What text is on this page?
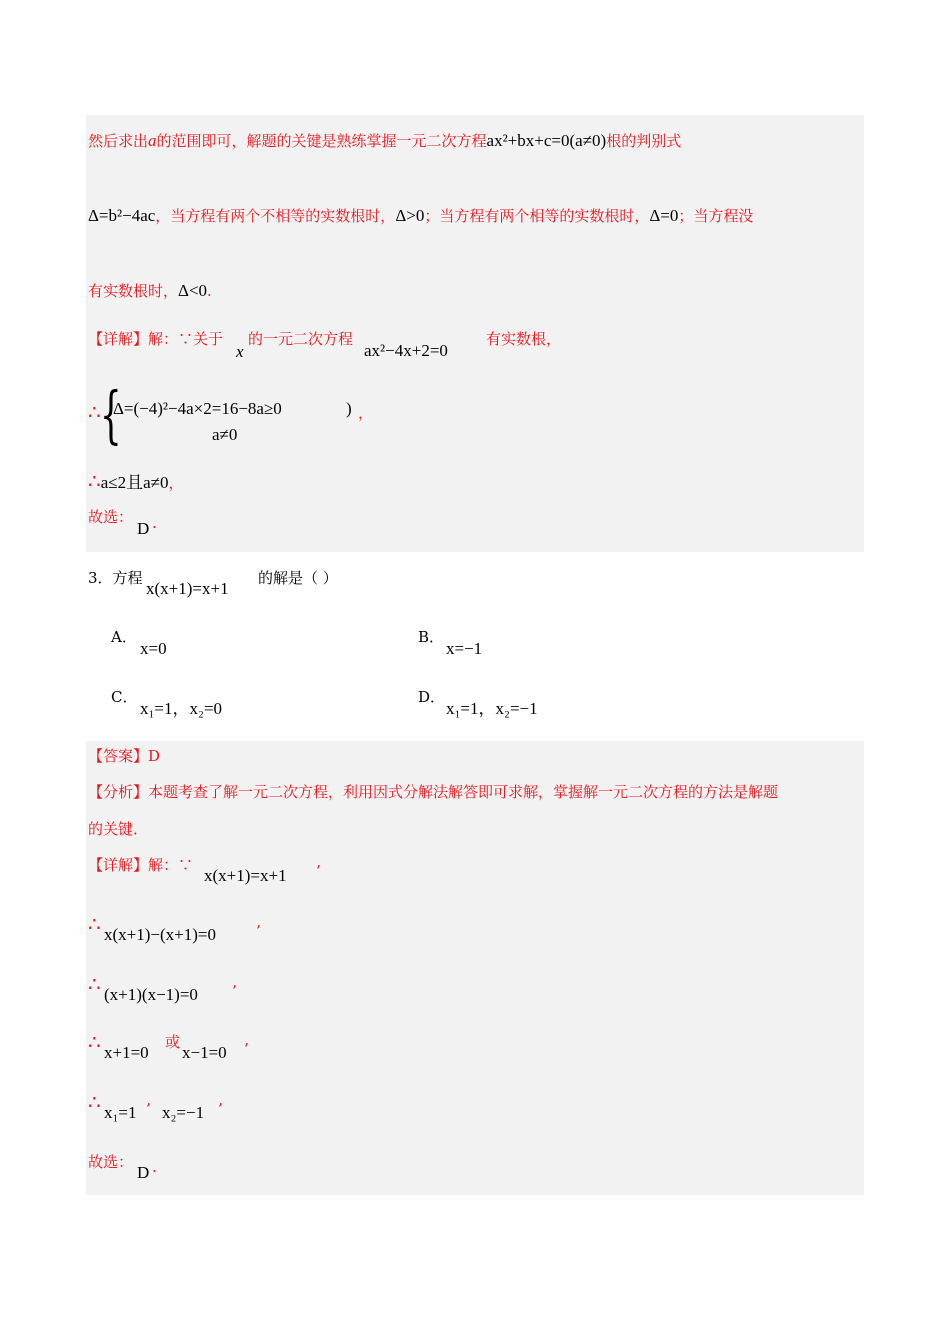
然后求出a的范围即可，解题的关键是熟练掌握一元二次方程ax²+bx+c=0(a≠0)根的判别式
Δ=b²−4ac，当方程有两个不相等的实数根时，Δ>0；当方程有两个相等的实数根时，Δ=0；当方程没
有实数根时，Δ<0.
【详解】解：∵关于
x
的一元二次方程
ax²−4x+2=0
有实数根，
∴ {
Δ=(−4)²−4a×2=16−8a≥0
a≠0
) ，
∴a≤2且a≠0，
故选：
D .
3．方程
x(x+1)=x+1
的解是（ ）
A．
x=0
B．
x=−1
C．
x₁=1，x₂=0
D．
x₁=1，x₂=−1
【答案】D
【分析】本题考查了解一元二次方程，利用因式分解法解答即可求解，掌握解一元二次方程的方法是解题
的关键．
【详解】解：∵
x(x+1)=x+1 ’
∴ x(x+1)−(x+1)=0	’
∴ (x+1)(x−1)=0 ’
∴ x+1=0
或
x−1=0 ’
∴ x₁=1 ’ x₂=−1 ’
故选：
D .
